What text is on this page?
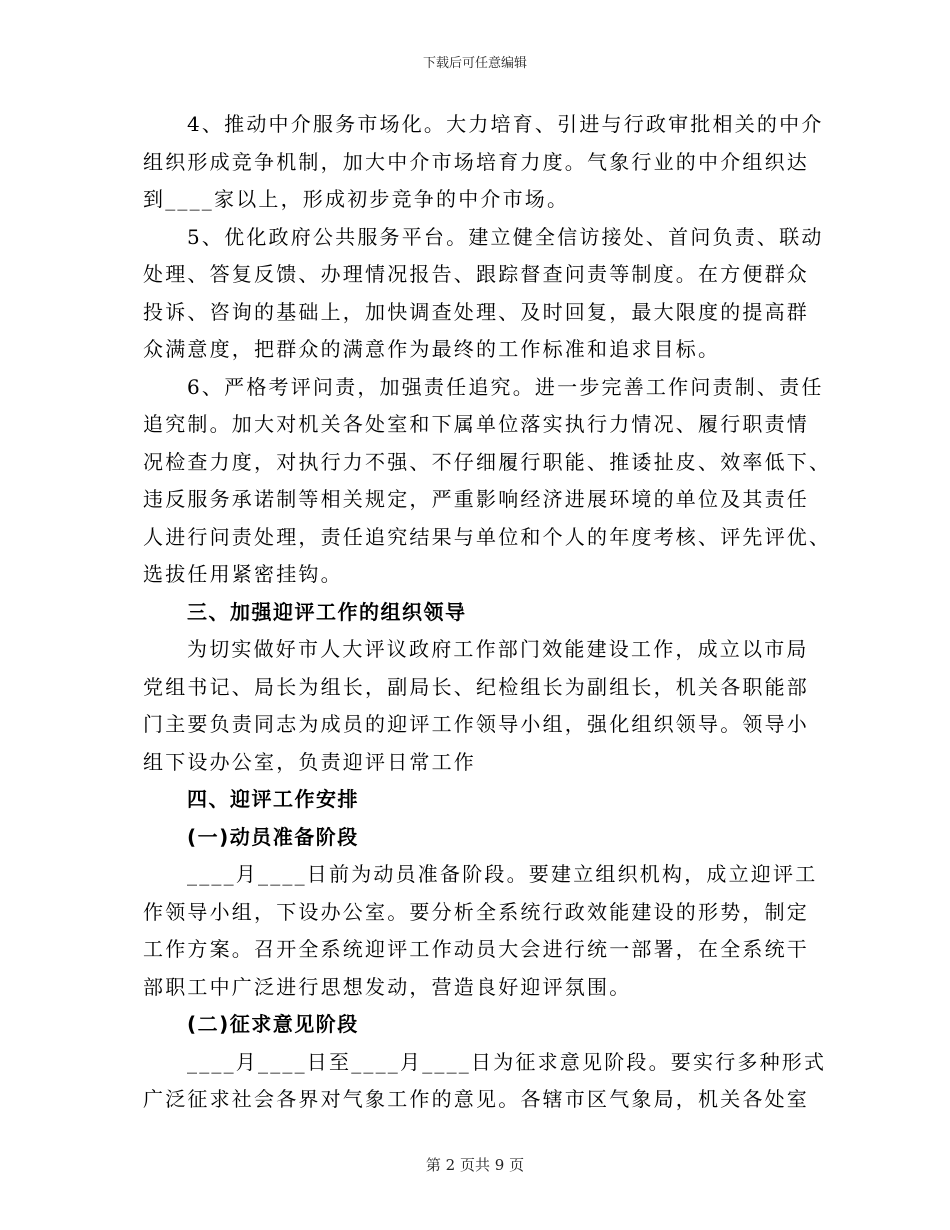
下载后可任意编辑
4、推动中介服务市场化。大力培育、引进与行政审批相关的中介
组织形成竞争机制，加大中介市场培育力度。气象行业的中介组织达
到____家以上，形成初步竞争的中介市场。
5、优化政府公共服务平台。建立健全信访接处、首问负责、联动
处理、答复反馈、办理情况报告、跟踪督查问责等制度。在方便群众
投诉、咨询的基础上，加快调查处理、及时回复，最大限度的提高群
众满意度，把群众的满意作为最终的工作标准和追求目标。
6、严格考评问责，加强责任追究。进一步完善工作问责制、责任
追究制。加大对机关各处室和下属单位落实执行力情况、履行职责情
况检查力度，对执行力不强、不仔细履行职能、推诿扯皮、效率低下、
违反服务承诺制等相关规定，严重影响经济进展环境的单位及其责任
人进行问责处理，责任追究结果与单位和个人的年度考核、评先评优、
选拔任用紧密挂钩。
三、加强迎评工作的组织领导
为切实做好市人大评议政府工作部门效能建设工作，成立以市局
党组书记、局长为组长，副局长、纪检组长为副组长，机关各职能部
门主要负责同志为成员的迎评工作领导小组，强化组织领导。领导小
组下设办公室，负责迎评日常工作
四、迎评工作安排
(一)动员准备阶段
____月____日前为动员准备阶段。要建立组织机构，成立迎评工
作领导小组，下设办公室。要分析全系统行政效能建设的形势，制定
工作方案。召开全系统迎评工作动员大会进行统一部署，在全系统干
部职工中广泛进行思想发动，营造良好迎评氛围。
(二)征求意见阶段
____月____日至____月____日为征求意见阶段。要实行多种形式
广泛征求社会各界对气象工作的意见。各辖市区气象局，机关各处室
第 2 页共 9 页
